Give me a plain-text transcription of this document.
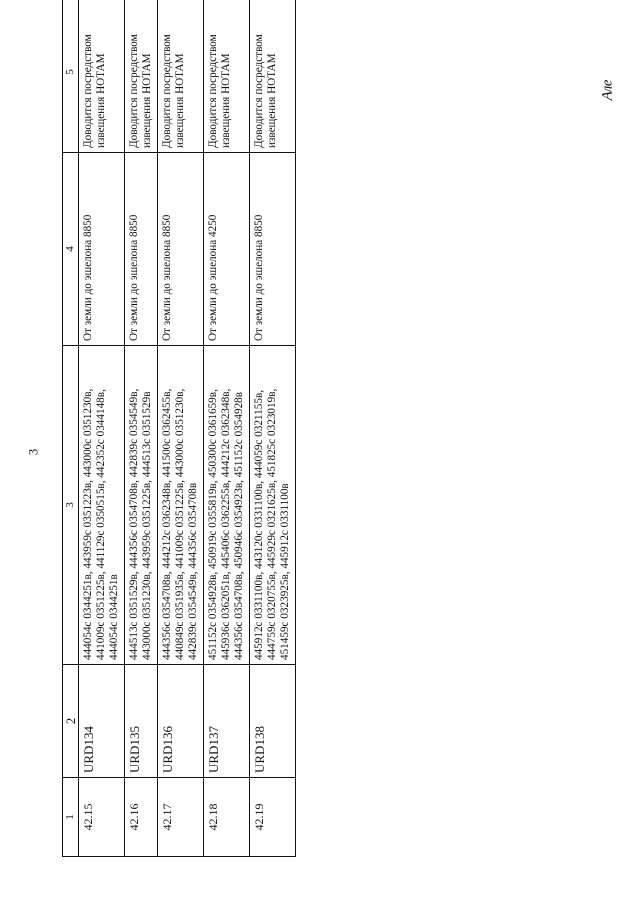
3
Але
1	2	3	4	5
42.15	URD134	444054с 0344251в, 443959с 0351223в, 443000с 0351230в, 441009с 0351225в, 441129с 0350515в, 442352с 0344148в, 444054с 0344251в	От земли до эшелона 8850	Доводится посредством извещения НОТАМ
42.16	URD135	444513с 0351529в, 444356с 0354708в, 442839с 0354549в, 443000с 0351230в, 443959с 0351225в, 444513с 0351529в	От земли до эшелона 8850	Доводится посредством извещения НОТАМ
42.17	URD136	444356с 0354708в, 444212с 0362348в, 441500с 0362455в, 440849с 0351935в, 441009с 0351225в, 443000с 0351230в, 442839с 0354549в, 444356с 0354708в	От земли до эшелона 8850	Доводится посредством извещения НОТАМ
42.18	URD137	451152с 0354928в, 450919с 0355819в, 450300с 0361659в, 445936с 0362051в, 445406с 0362255в, 444212с 0362348в, 444356с 0354708в, 450946с 0354923в, 451152с 0354928в	От земли до эшелона 4250	Доводится посредством извещения НОТАМ
42.19	URD138	445912с 0331100в, 443120с 0331100в, 444059с 0321155в, 444759с 0320755в, 445929с 0321625в, 451825с 0323019в, 451459с 0323925в, 445912с 0331100в	От земли до эшелона 8850	Доводится посредством извещения НОТАМ
